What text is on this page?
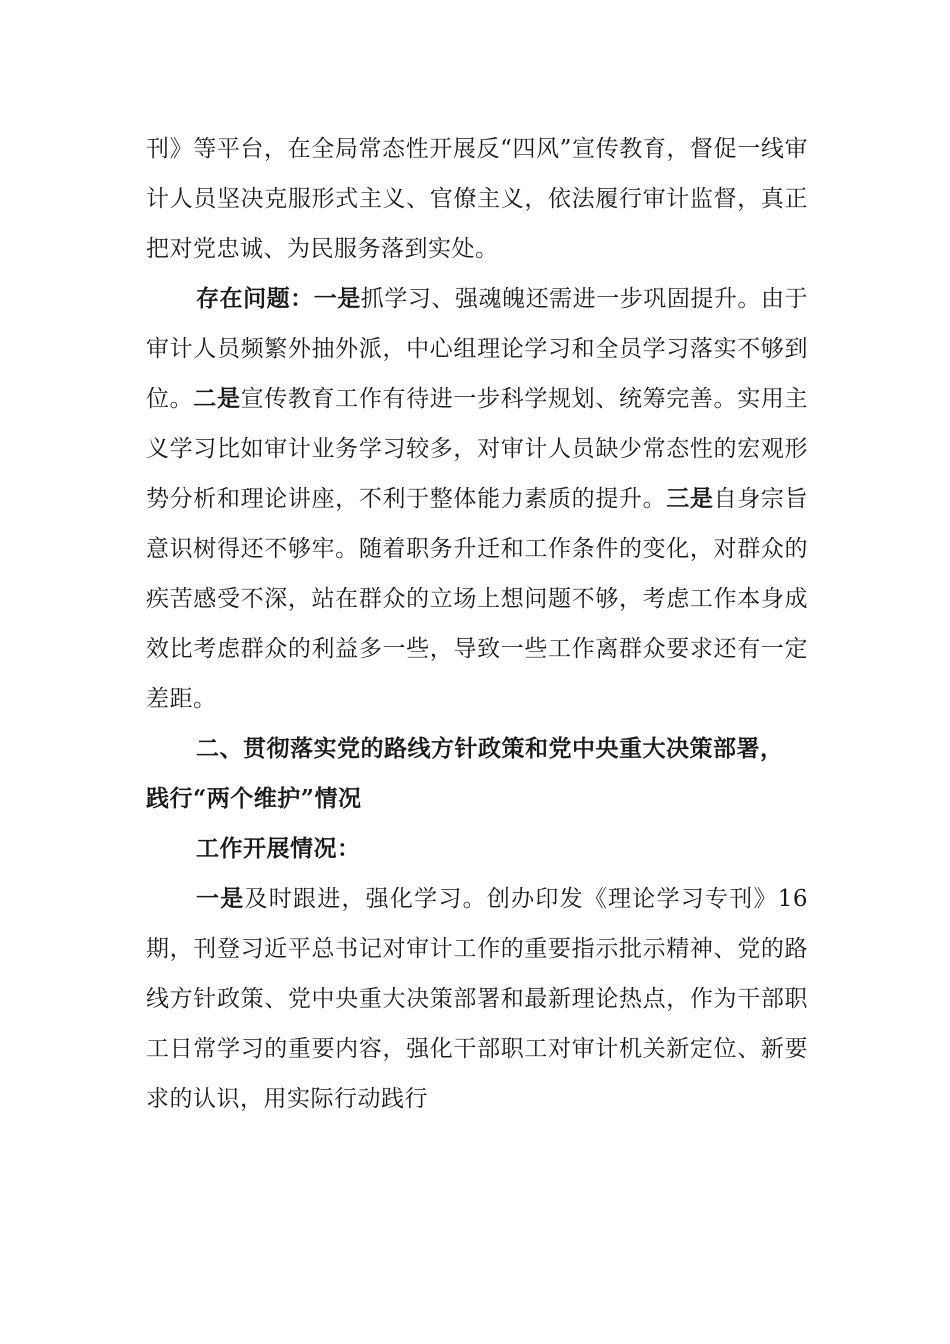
刊》等平台，在全局常态性开展反“四风”宣传教育，督促一线审计人员坚决克服形式主义、官僚主义，依法履行审计监督，真正把对党忠诚、为民服务落到实处。

存在问题：一是抓学习、强魂魄还需进一步巩固提升。由于审计人员频繁外抽外派，中心组理论学习和全员学习落实不够到位。二是宣传教育工作有待进一步科学规划、统筹完善。实用主义学习比如审计业务学习较多，对审计人员缺少常态性的宏观形势分析和理论讲座，不利于整体能力素质的提升。三是自身宗旨意识树得还不够牢。随着职务升迁和工作条件的变化，对群众的疾苦感受不深，站在群众的立场上想问题不够，考虑工作本身成效比考虑群众的利益多一些，导致一些工作离群众要求还有一定差距。

二、贯彻落实党的路线方针政策和党中央重大决策部署，

践行“两个维护”情况

工作开展情况：

一是及时跟进，强化学习。创办印发《理论学习专刊》16期，刊登习近平总书记对审计工作的重要指示批示精神、党的路线方针政策、党中央重大决策部署和最新理论热点，作为干部职工日常学习的重要内容，强化干部职工对审计机关新定位、新要求的认识，用实际行动践行
